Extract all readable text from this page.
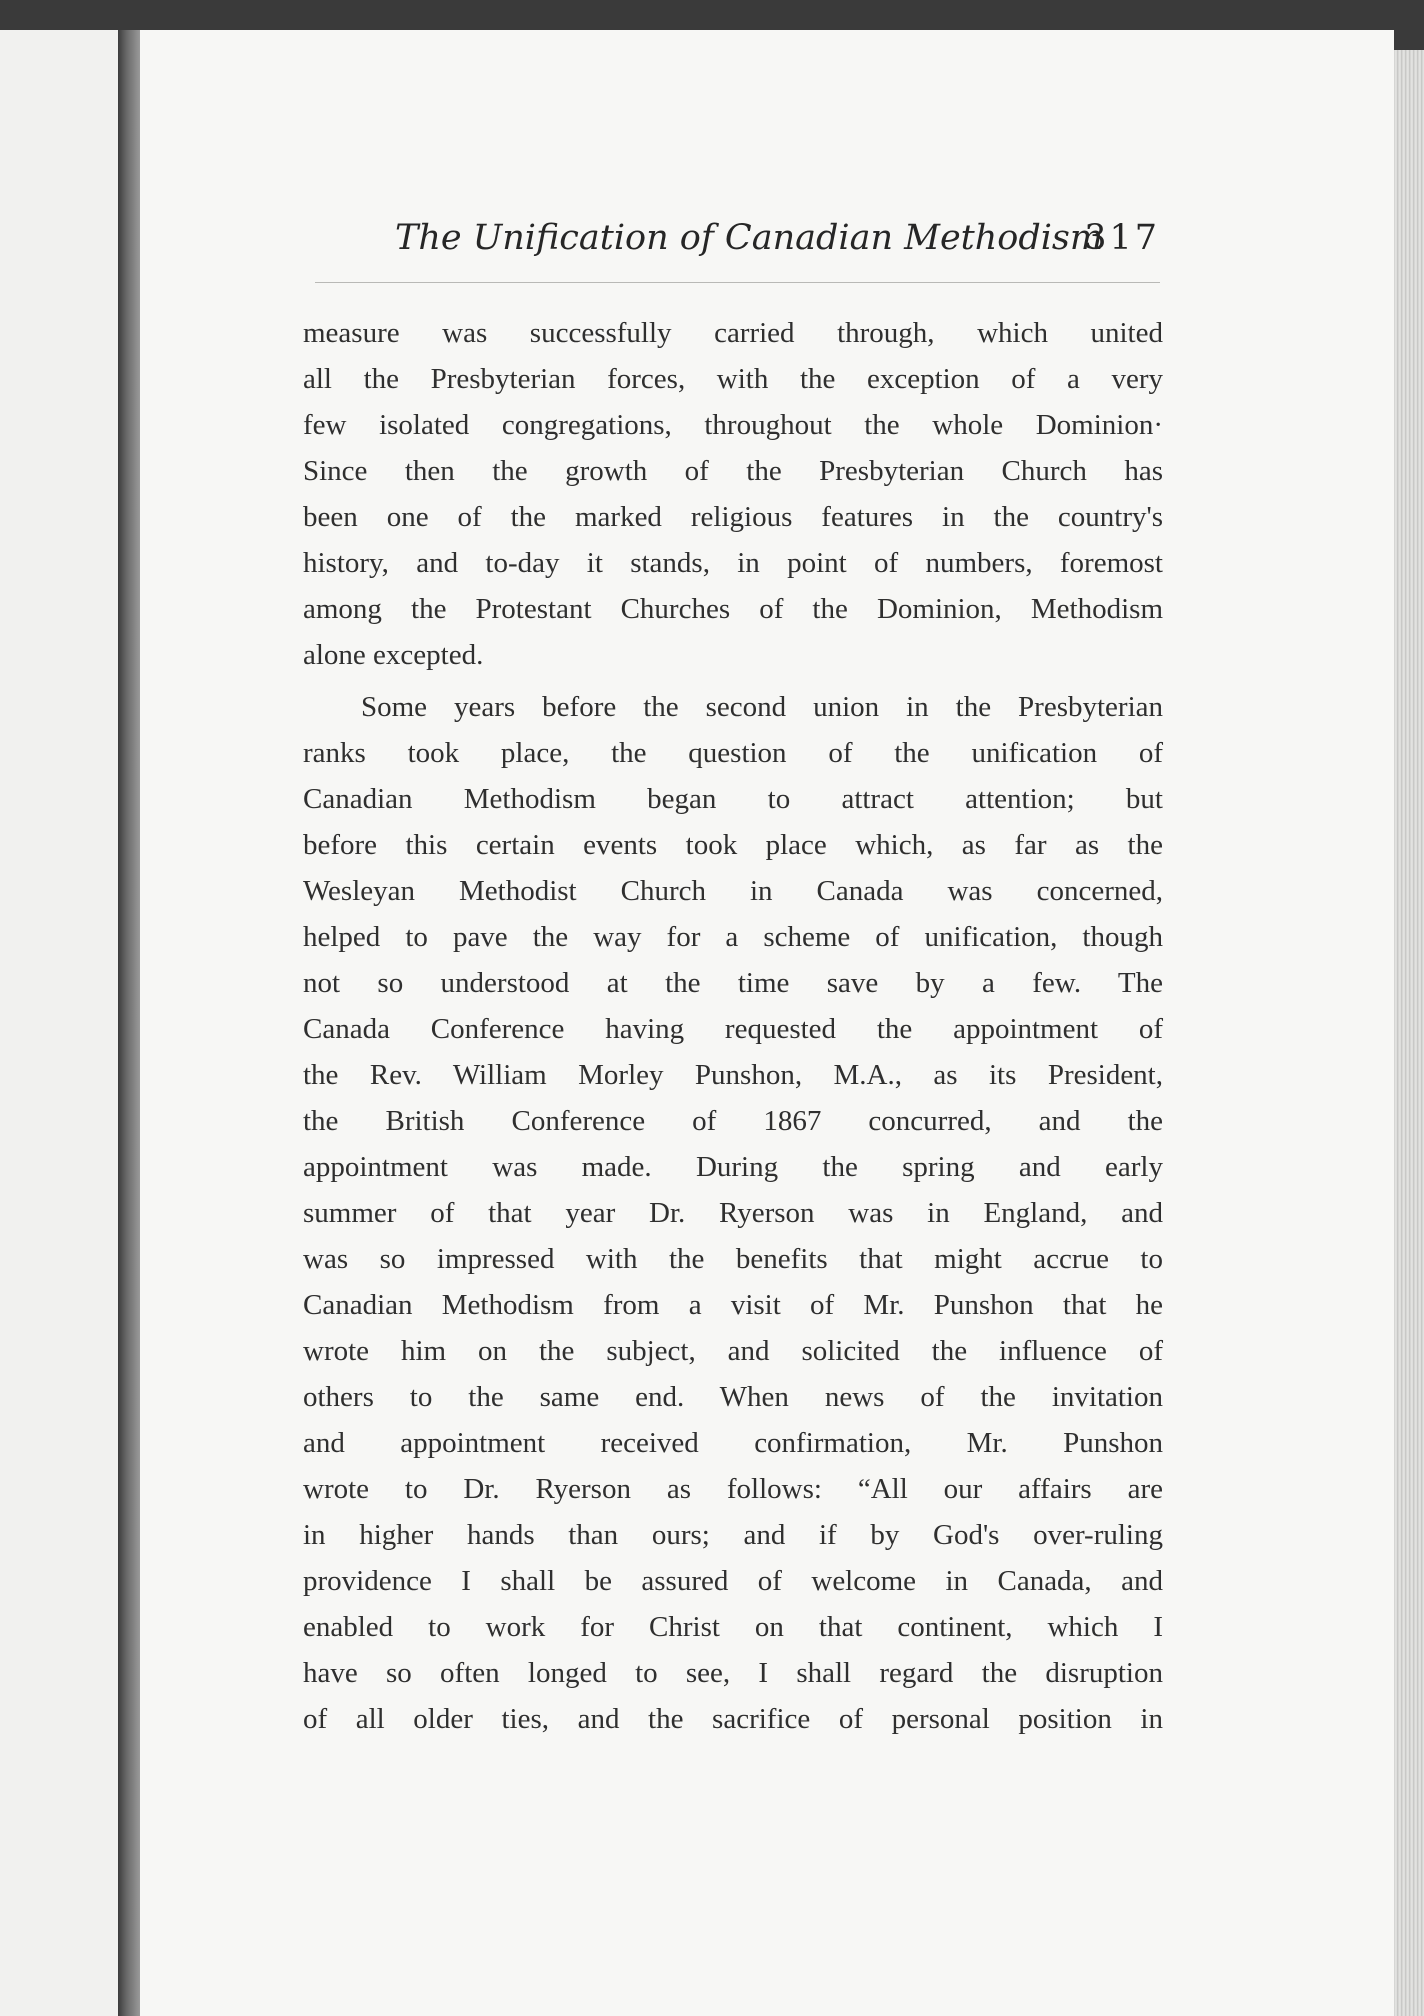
The Unification of Canadian Methodism
317
measure was successfully carried through, which united
all the Presbyterian forces, with the exception of a very
few isolated congregations, throughout the whole Dominion·
Since then the growth of the Presbyterian Church has
been one of the marked religious features in the country's
history, and to-day it stands, in point of numbers, foremost
among the Protestant Churches of the Dominion, Methodism
alone excepted.
Some years before the second union in the Presbyterian
ranks took place, the question of the unification of
Canadian Methodism began to attract attention; but
before this certain events took place which, as far as the
Wesleyan Methodist Church in Canada was concerned,
helped to pave the way for a scheme of unification, though
not so understood at the time save by a few. The
Canada Conference having requested the appointment of
the Rev. William Morley Punshon, M.A., as its President,
the British Conference of 1867 concurred, and the
appointment was made. During the spring and early
summer of that year Dr. Ryerson was in England, and
was so impressed with the benefits that might accrue to
Canadian Methodism from a visit of Mr. Punshon that he
wrote him on the subject, and solicited the influence of
others to the same end. When news of the invitation
and appointment received confirmation, Mr. Punshon
wrote to Dr. Ryerson as follows: “All our affairs are
in higher hands than ours; and if by God's over-ruling
providence I shall be assured of welcome in Canada, and
enabled to work for Christ on that continent, which I
have so often longed to see, I shall regard the disruption
of all older ties, and the sacrifice of personal position in
